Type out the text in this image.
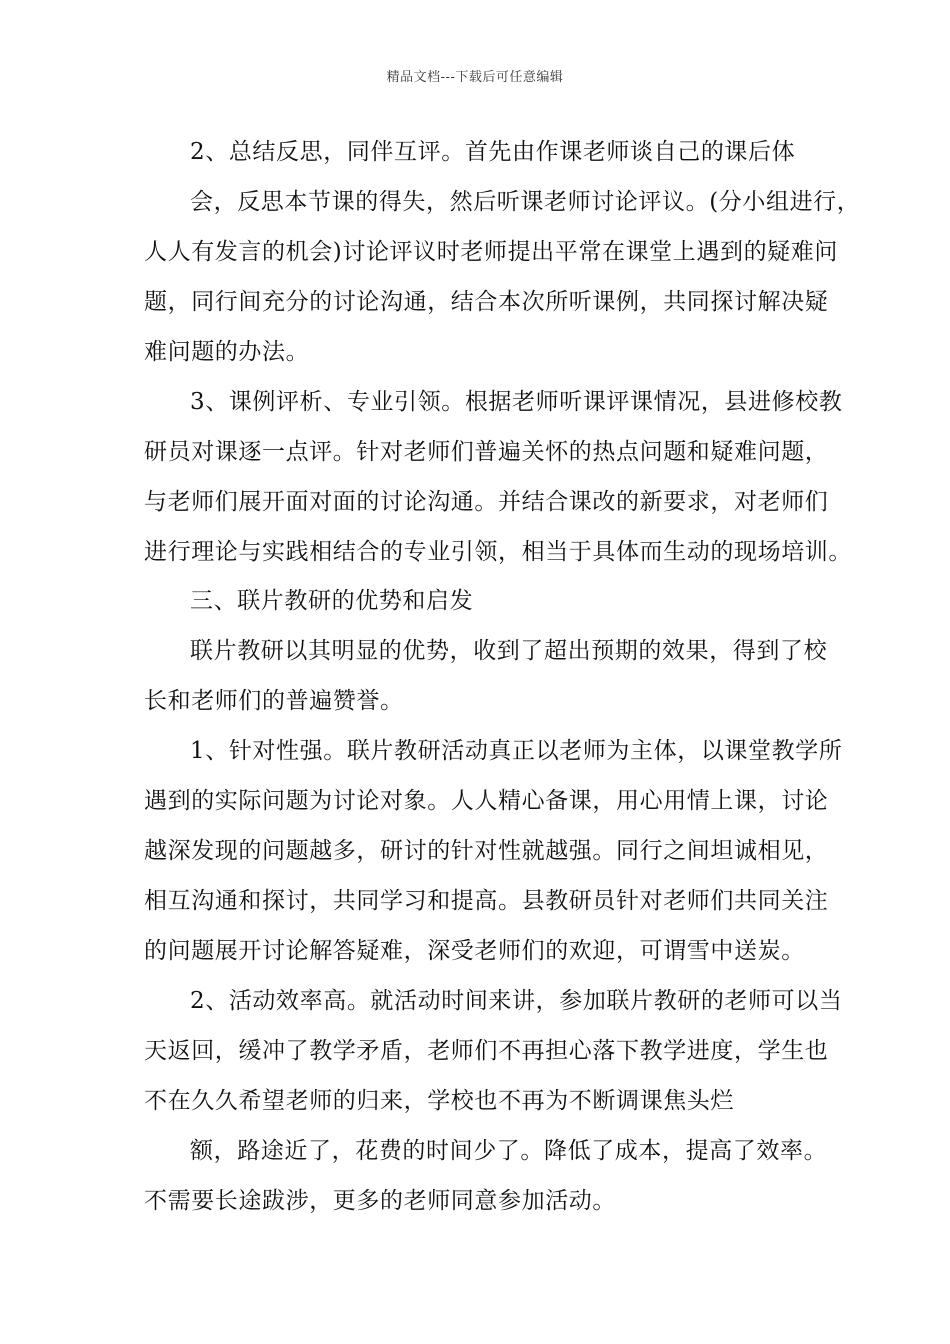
精品文档---下载后可任意编辑
2、总结反思，同伴互评。首先由作课老师谈自己的课后体
会，反思本节课的得失，然后听课老师讨论评议。(分小组进行，
人人有发言的机会)讨论评议时老师提出平常在课堂上遇到的疑难问
题，同行间充分的讨论沟通，结合本次所听课例，共同探讨解决疑
难问题的办法。
3、课例评析、专业引领。根据老师听课评课情况，县进修校教
研员对课逐一点评。针对老师们普遍关怀的热点问题和疑难问题，
与老师们展开面对面的讨论沟通。并结合课改的新要求，对老师们
进行理论与实践相结合的专业引领，相当于具体而生动的现场培训。
三、联片教研的优势和启发
联片教研以其明显的优势，收到了超出预期的效果，得到了校
长和老师们的普遍赞誉。
1、针对性强。联片教研活动真正以老师为主体，以课堂教学所
遇到的实际问题为讨论对象。人人精心备课，用心用情上课，讨论
越深发现的问题越多，研讨的针对性就越强。同行之间坦诚相见，
相互沟通和探讨，共同学习和提高。县教研员针对老师们共同关注
的问题展开讨论解答疑难，深受老师们的欢迎，可谓雪中送炭。
2、活动效率高。就活动时间来讲，参加联片教研的老师可以当
天返回，缓冲了教学矛盾，老师们不再担心落下教学进度，学生也
不在久久希望老师的归来，学校也不再为不断调课焦头烂
额，路途近了，花费的时间少了。降低了成本，提高了效率。
不需要长途跋涉，更多的老师同意参加活动。
